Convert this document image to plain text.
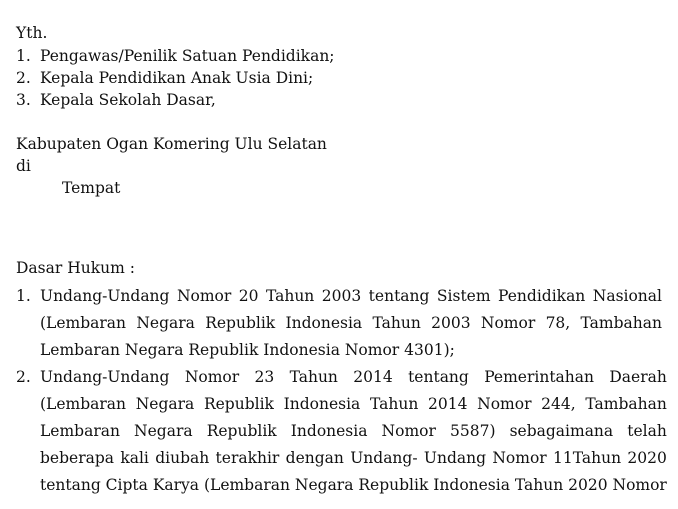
Yth.
1. Pengawas/Penilik Satuan Pendidikan;
2. Kepala Pendidikan Anak Usia Dini;
3. Kepala Sekolah Dasar,
Kabupaten Ogan Komering Ulu Selatan
di
Tempat
Dasar Hukum :
1. Undang-Undang Nomor 20 Tahun 2003 tentang Sistem Pendidikan Nasional
(Lembaran Negara Republik Indonesia Tahun 2003 Nomor 78, Tambahan
Lembaran Negara Republik Indonesia Nomor 4301);
2. Undang-Undang Nomor 23 Tahun 2014 tentang Pemerintahan Daerah
(Lembaran Negara Republik Indonesia Tahun 2014 Nomor 244, Tambahan
Lembaran Negara Republik Indonesia Nomor 5587) sebagaimana telah
beberapa kali diubah terakhir dengan Undang- Undang Nomor 11Tahun 2020
tentang Cipta Karya (Lembaran Negara Republik Indonesia Tahun 2020 Nomor
